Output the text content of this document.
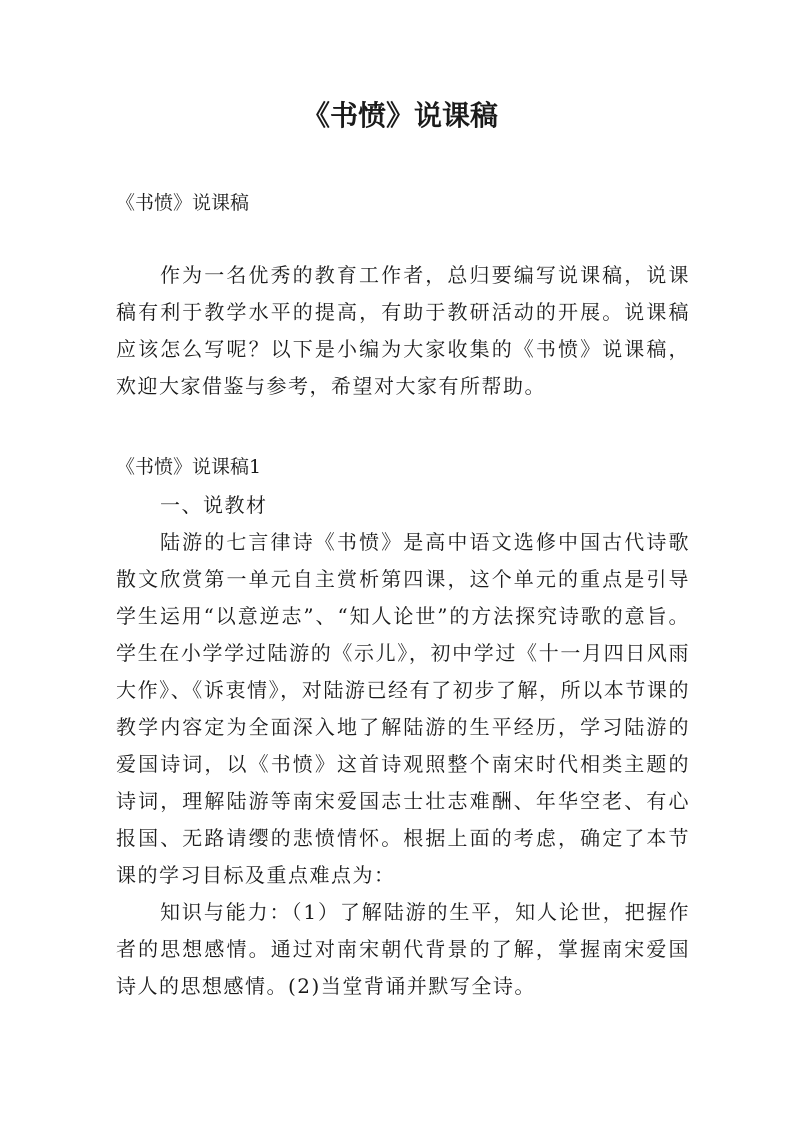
《书愤》说课稿

《书愤》说课稿

作为一名优秀的教育工作者，总归要编写说课稿，说课稿有利于教学水平的提高，有助于教研活动的开展。说课稿应该怎么写呢？以下是小编为大家收集的《书愤》说课稿，欢迎大家借鉴与参考，希望对大家有所帮助。

《书愤》说课稿1

一、说教材

陆游的七言律诗《书愤》是高中语文选修中国古代诗歌散文欣赏第一单元自主赏析第四课，这个单元的重点是引导学生运用“以意逆志”、“知人论世”的方法探究诗歌的意旨。学生在小学学过陆游的《示儿》，初中学过《十一月四日风雨大作》、《诉衷情》，对陆游已经有了初步了解，所以本节课的教学内容定为全面深入地了解陆游的生平经历，学习陆游的爱国诗词，以《书愤》这首诗观照整个南宋时代相类主题的诗词，理解陆游等南宋爱国志士壮志难酬、年华空老、有心报国、无路请缨的悲愤情怀。根据上面的考虑，确定了本节课的学习目标及重点难点为：

知识与能力：（1）了解陆游的生平，知人论世，把握作者的思想感情。通过对南宋朝代背景的了解，掌握南宋爱国诗人的思想感情。(2)当堂背诵并默写全诗。
